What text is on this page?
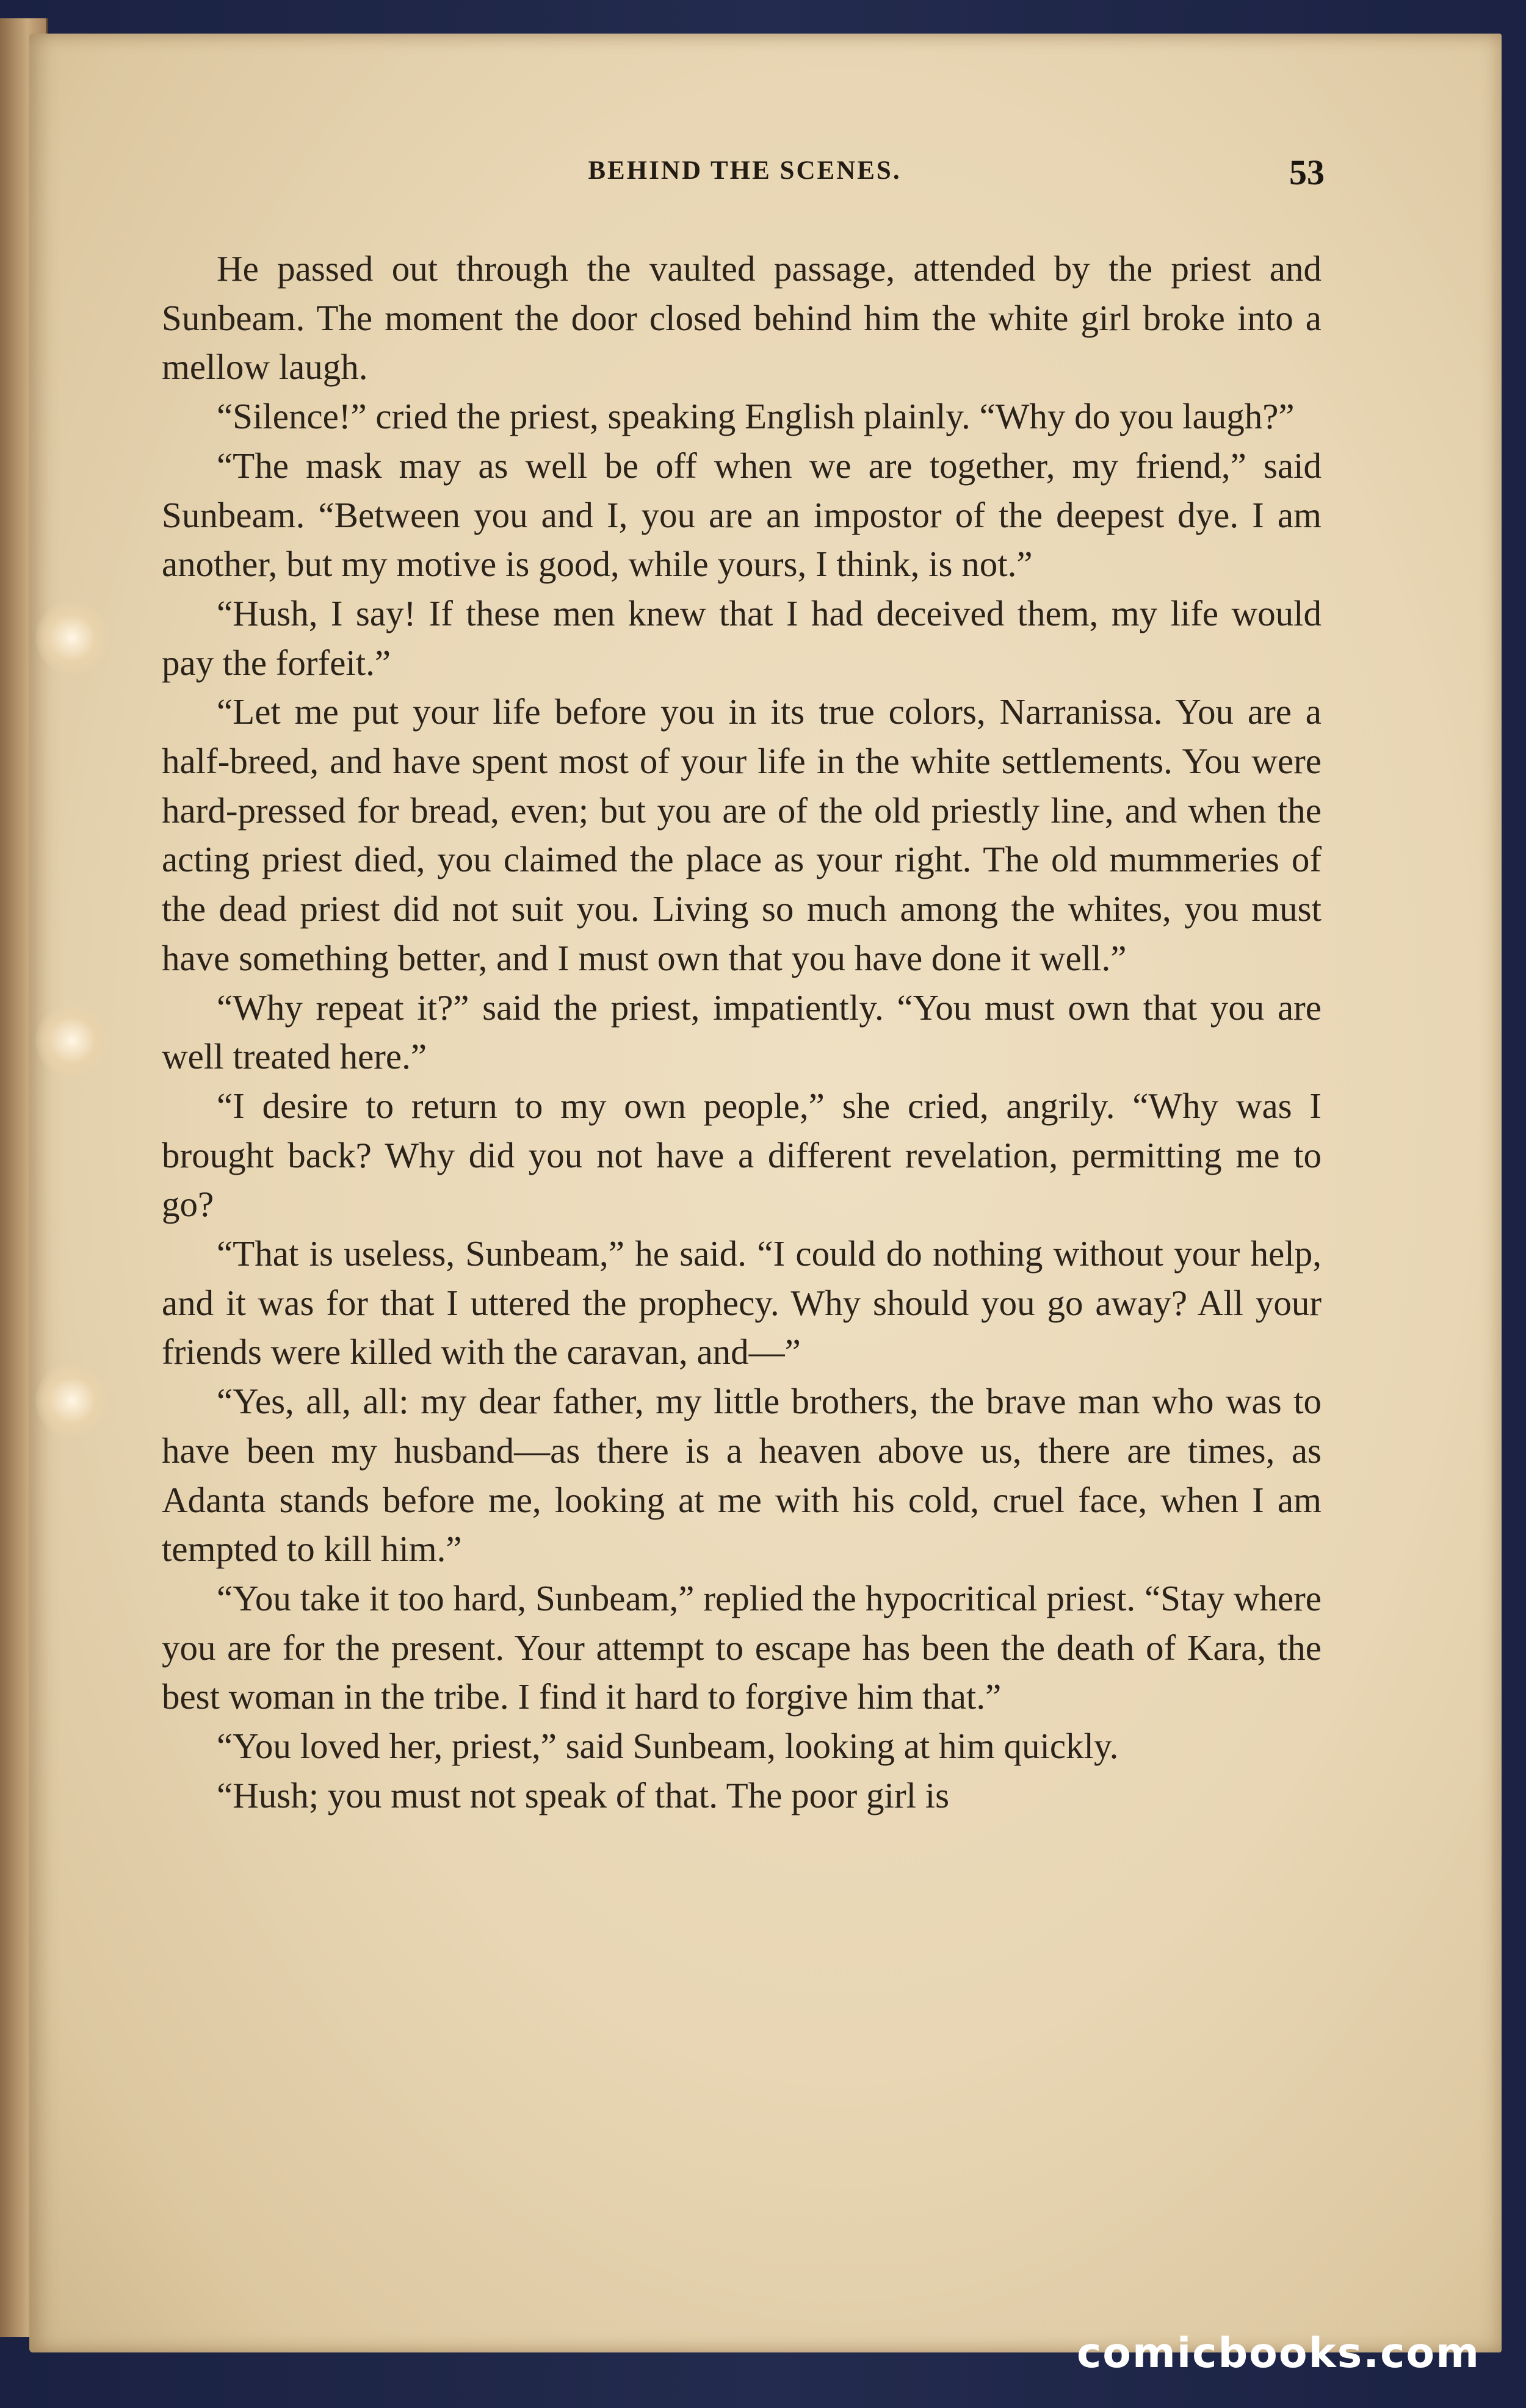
BEHIND THE SCENES.	53

He passed out through the vaulted passage, attended by the priest and Sunbeam. The moment the door closed behind him the white girl broke into a mellow laugh.

“Silence!” cried the priest, speaking English plainly. “Why do you laugh?”

“The mask may as well be off when we are together, my friend,” said Sunbeam. “Between you and I, you are an impostor of the deepest dye. I am another, but my motive is good, while yours, I think, is not.”

“Hush, I say! If these men knew that I had deceived them, my life would pay the forfeit.”

“Let me put your life before you in its true colors, Narranissa. You are a half-breed, and have spent most of your life in the white settlements. You were hard-pressed for bread, even; but you are of the old priestly line, and when the acting priest died, you claimed the place as your right. The old mummeries of the dead priest did not suit you. Living so much among the whites, you must have something better, and I must own that you have done it well.”

“Why repeat it?” said the priest, impatiently. “You must own that you are well treated here.”

“I desire to return to my own people,” she cried, angrily. “Why was I brought back? Why did you not have a different revelation, permitting me to go?

“That is useless, Sunbeam,” he said. “I could do nothing without your help, and it was for that I uttered the prophecy. Why should you go away? All your friends were killed with the caravan, and—”

“Yes, all, all: my dear father, my little brothers, the brave man who was to have been my husband—as there is a heaven above us, there are times, as Adanta stands before me, looking at me with his cold, cruel face, when I am tempted to kill him.”

“You take it too hard, Sunbeam,” replied the hypocritical priest. “Stay where you are for the present. Your attempt to escape has been the death of Kara, the best woman in the tribe. I find it hard to forgive him that.”

“You loved her, priest,” said Sunbeam, looking at him quickly.

“Hush; you must not speak of that. The poor girl is

comicbooks.com
